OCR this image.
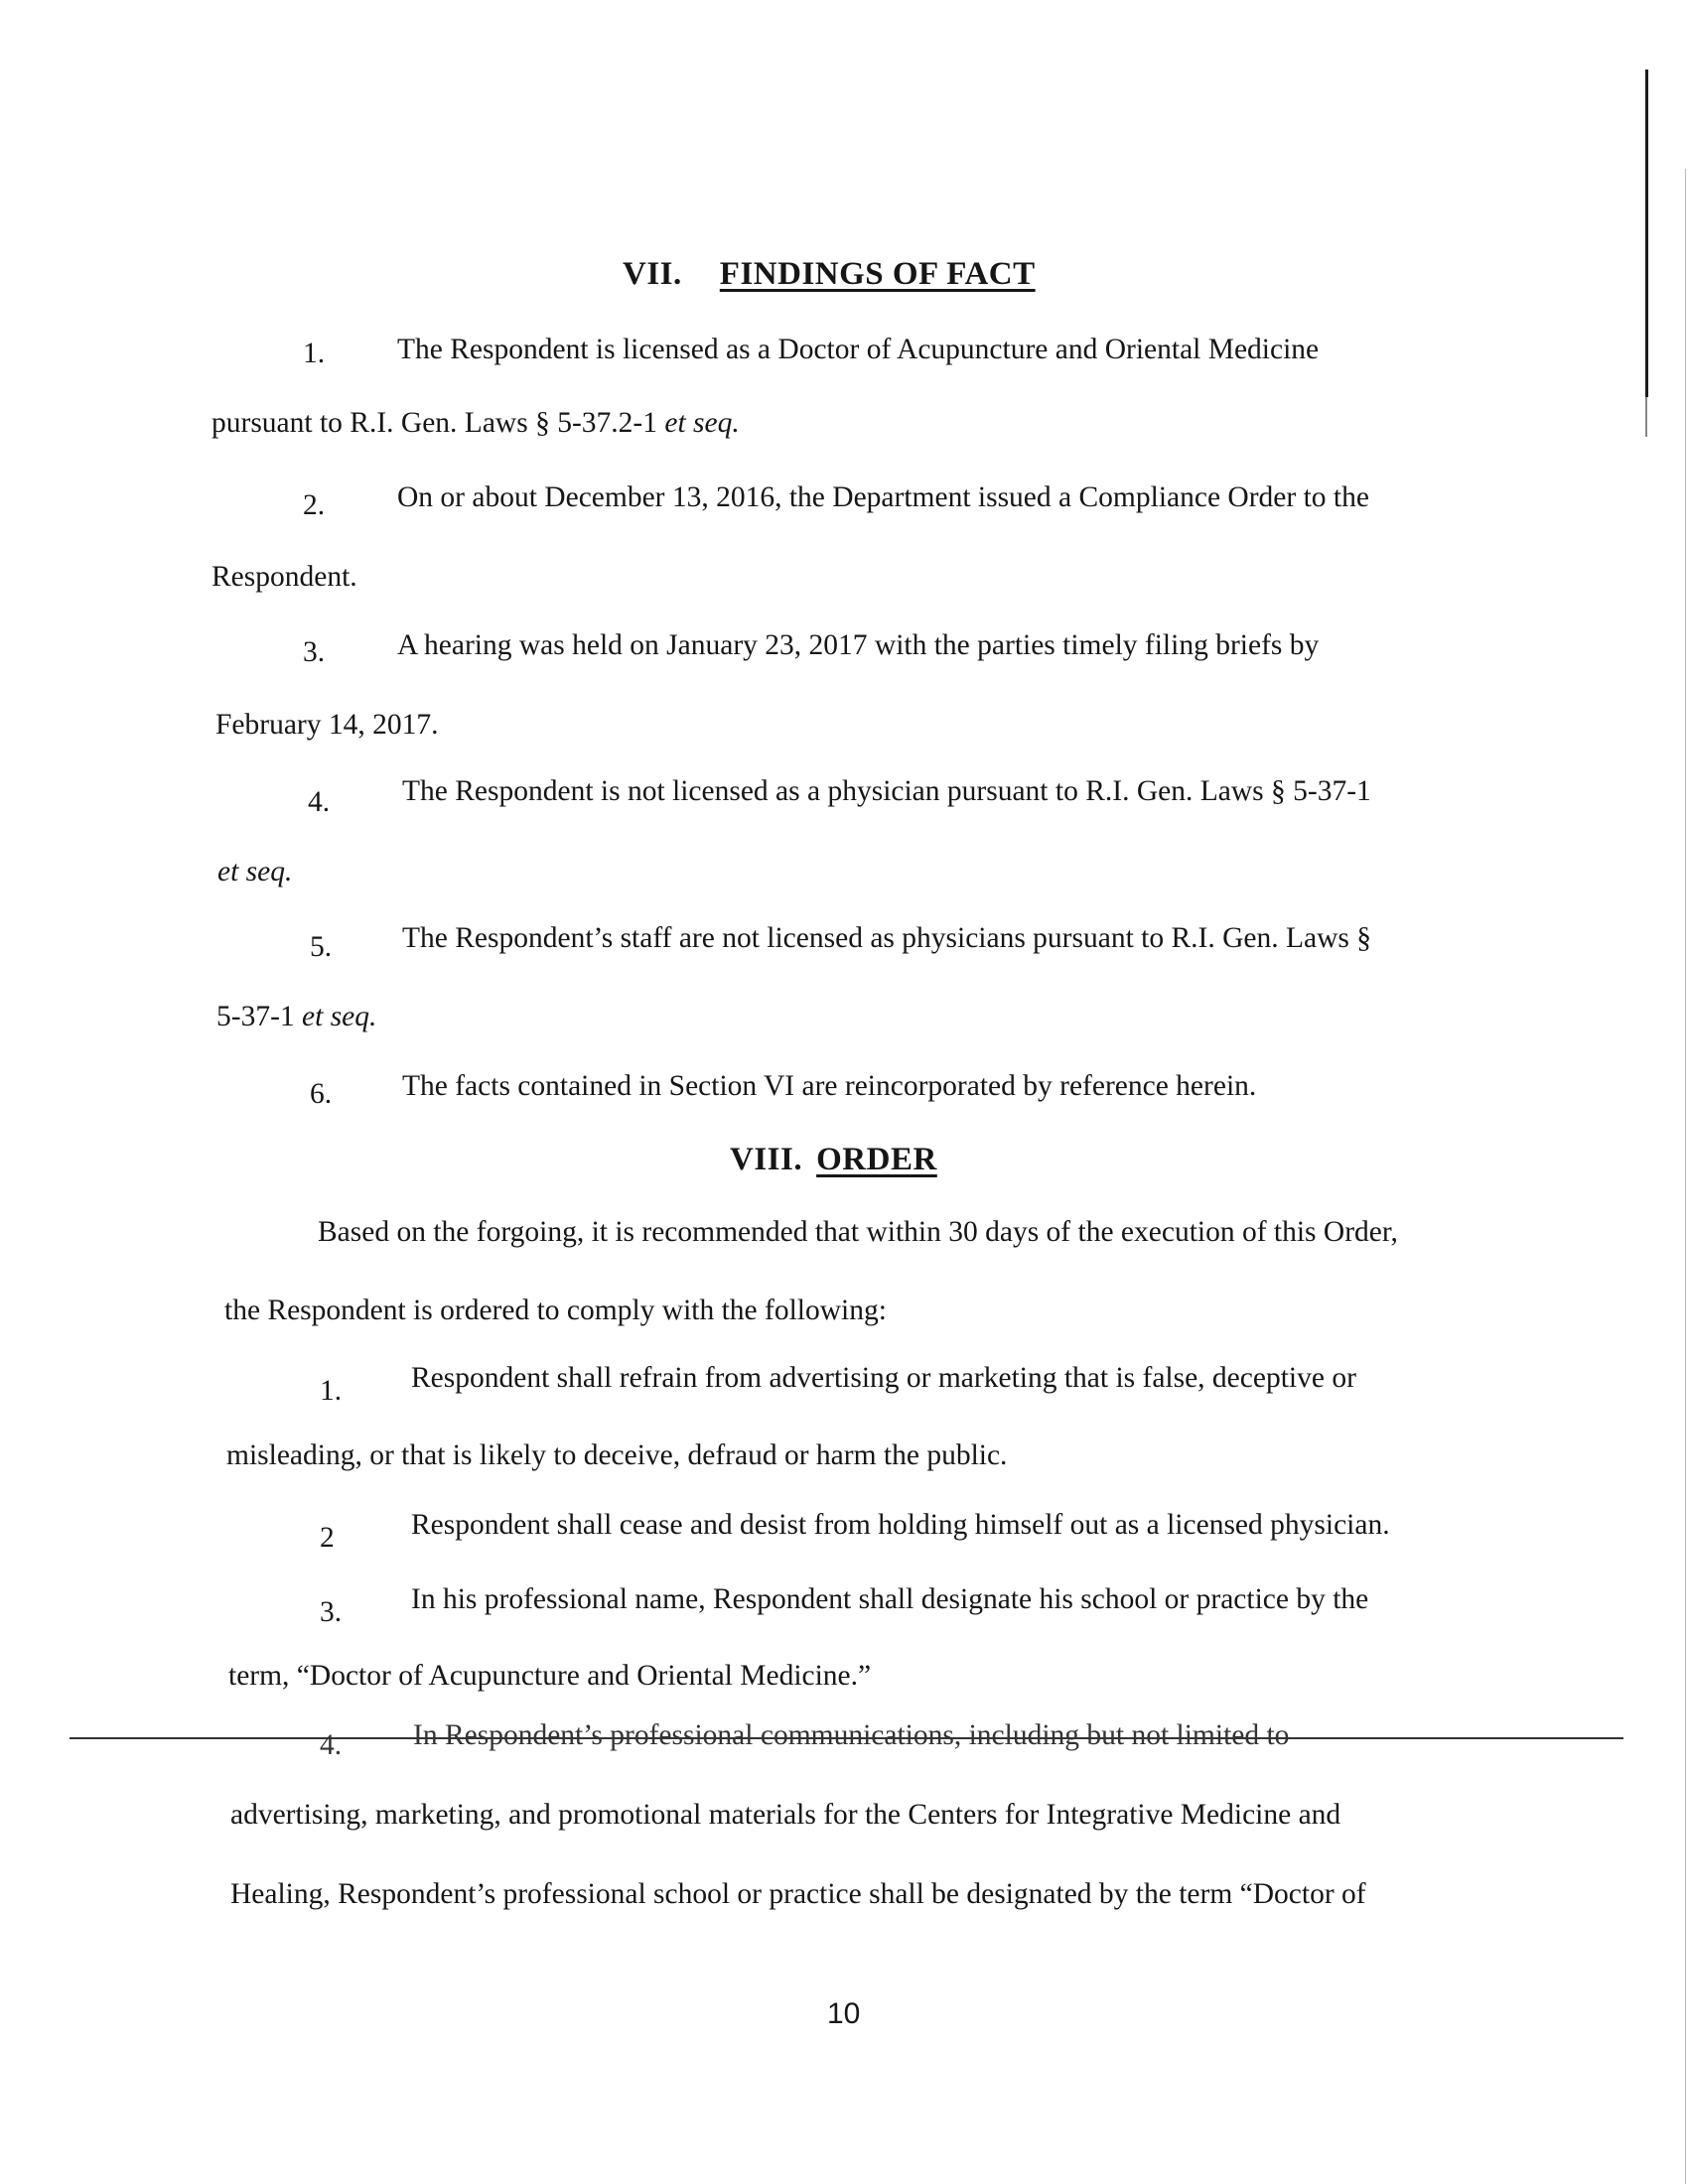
VII. FINDINGS OF FACT
1. The Respondent is licensed as a Doctor of Acupuncture and Oriental Medicine
pursuant to R.I. Gen. Laws § 5-37.2-1 et seq.
2. On or about December 13, 2016, the Department issued a Compliance Order to the
Respondent.
3. A hearing was held on January 23, 2017 with the parties timely filing briefs by
February 14, 2017.
4. The Respondent is not licensed as a physician pursuant to R.I. Gen. Laws § 5-37-1
et seq.
5. The Respondent’s staff are not licensed as physicians pursuant to R.I. Gen. Laws §
5-37-1 et seq.
6. The facts contained in Section VI are reincorporated by reference herein.
VIII. ORDER
Based on the forgoing, it is recommended that within 30 days of the execution of this Order,
the Respondent is ordered to comply with the following:
1. Respondent shall refrain from advertising or marketing that is false, deceptive or
misleading, or that is likely to deceive, defraud or harm the public.
2	Respondent shall cease and desist from holding himself out as a licensed physician.
3. In his professional name, Respondent shall designate his school or practice by the
term, “Doctor of Acupuncture and Oriental Medicine.”
4. In Respondent’s professional communications, including but not limited to
advertising, marketing, and promotional materials for the Centers for Integrative Medicine and
Healing, Respondent’s professional school or practice shall be designated by the term “Doctor of
10
